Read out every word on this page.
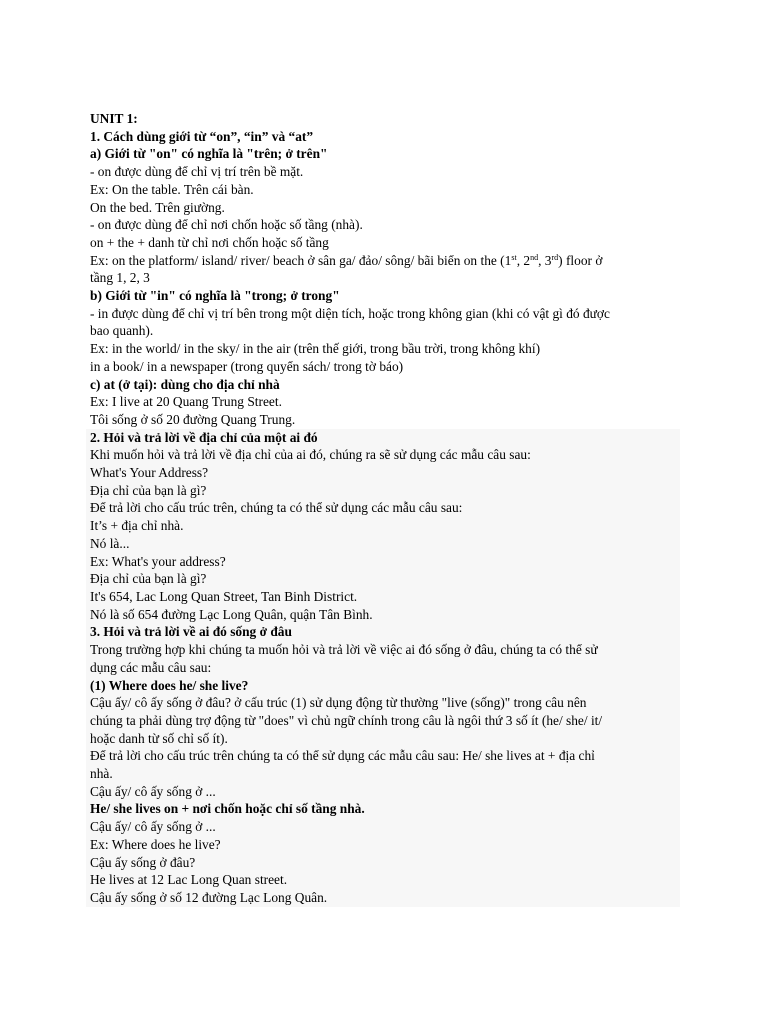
UNIT 1:
1. Cách dùng giới từ “on”, “in” và “at”
a) Giới từ "on" có nghĩa là "trên; ở trên"
- on được dùng để chỉ vị trí trên bề mặt.
Ex: On the table. Trên cái bàn.
On the bed. Trên giường.
- on được dùng để chỉ nơi chốn hoặc số tầng (nhà).
on + the + danh từ chỉ nơi chốn hoặc số tầng
Ex: on the platform/ island/ river/ beach ở sân ga/ đảo/ sông/ bãi biển on the (1st, 2nd, 3rd) floor ở
tầng 1, 2, 3
b) Giới từ "in" có nghĩa là "trong; ở trong"
- in được dùng để chỉ vị trí bên trong một diện tích, hoặc trong không gian (khi có vật gì đó được
bao quanh).
Ex: in the world/ in the sky/ in the air (trên thế giới, trong bầu trời, trong không khí)
in a book/ in a newspaper (trong quyển sách/ trong tờ báo)
c) at (ở tại): dùng cho địa chỉ nhà
Ex: I live at 20 Quang Trung Street.
Tôi sống ở số 20 đường Quang Trung.
2. Hỏi và trả lời về địa chỉ của một ai đó
Khi muốn hỏi và trả lời về địa chỉ của ai đó, chúng ra sẽ sử dụng các mẫu câu sau:
What's Your Address?
Địa chỉ của bạn là gì?
Để trả lời cho cấu trúc trên, chúng ta có thể sử dụng các mẫu câu sau:
It’s + địa chỉ nhà.
Nó là...
Ex: What's your address?
Địa chỉ của bạn là gì?
It's 654, Lac Long Quan Street, Tan Binh District.
Nó là số 654 đường Lạc Long Quân, quận Tân Bình.
3. Hỏi và trả lời về ai đó sống ở đâu
Trong trường hợp khi chúng ta muốn hỏi và trả lời về việc ai đó sống ở đâu, chúng ta có thể sử
dụng các mẫu câu sau:
(1) Where does he/ she live?
Cậu ấy/ cô ấy sống ở đâu? ở cấu trúc (1) sử dụng động từ thường "live (sống)" trong câu nên
chúng ta phải dùng trợ động từ "does" vì chủ ngữ chính trong câu là ngôi thứ 3 số ít (he/ she/ it/
hoặc danh từ số chỉ số ít).
Để trả lời cho cấu trúc trên chúng ta có thể sử dụng các mẫu câu sau: He/ she lives at + địa chỉ
nhà.
Cậu ấy/ cô ấy sống ở ...
He/ she lives on + nơi chốn hoặc chỉ số tầng nhà.
Cậu ấy/ cô ấy sống ở ...
Ex: Where does he live?
Cậu ấy sống ở đâu?
He lives at 12 Lac Long Quan street.
Cậu ấy sống ở số 12 đường Lạc Long Quân.
